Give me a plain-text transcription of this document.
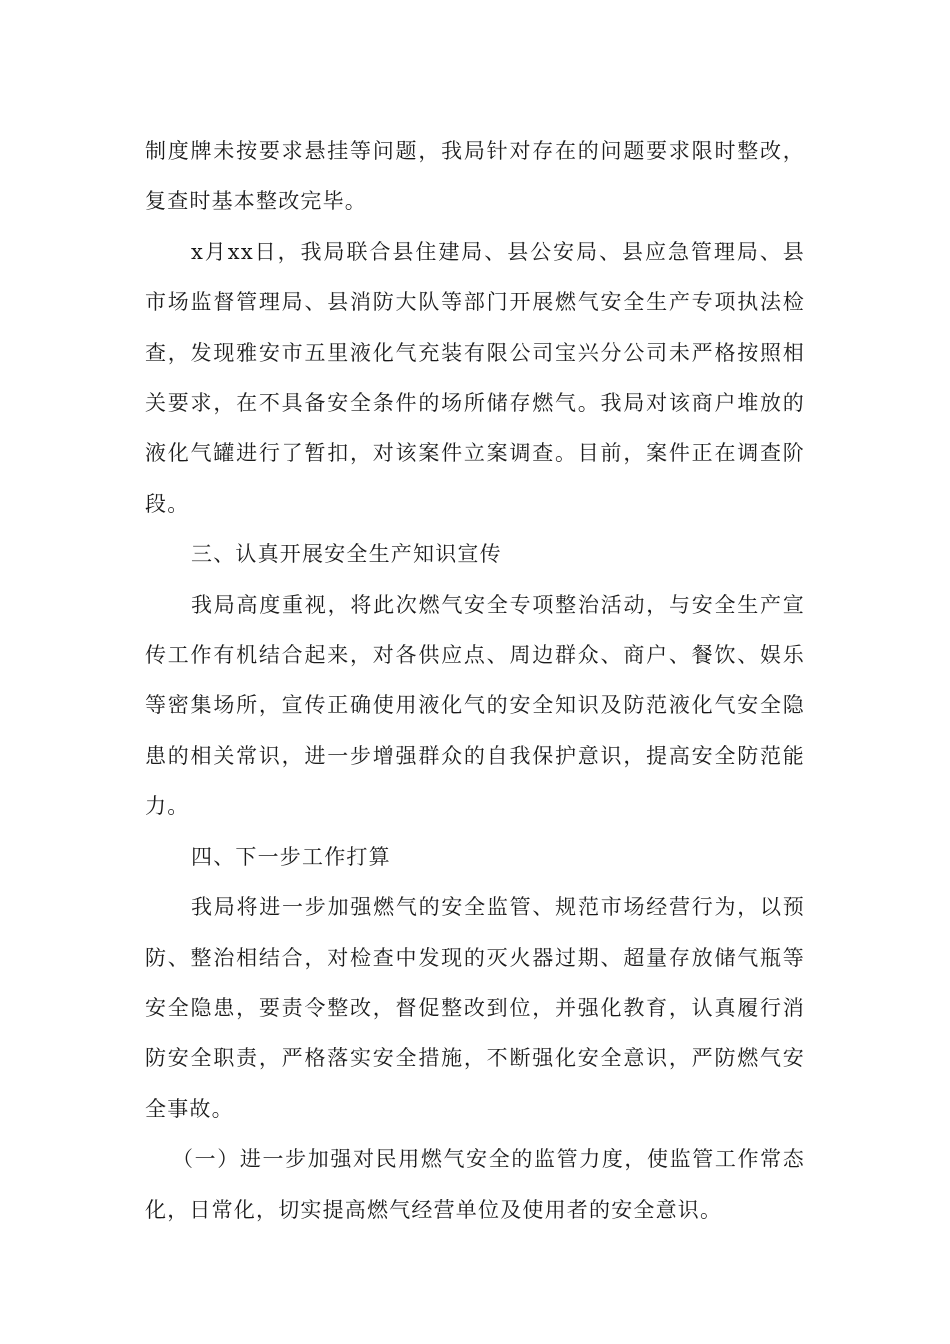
制度牌未按要求悬挂等问题，我局针对存在的问题要求限时整改，复查时基本整改完毕。

x月xx日，我局联合县住建局、县公安局、县应急管理局、县市场监督管理局、县消防大队等部门开展燃气安全生产专项执法检查，发现雅安市五里液化气充装有限公司宝兴分公司未严格按照相关要求，在不具备安全条件的场所储存燃气。我局对该商户堆放的液化气罐进行了暂扣，对该案件立案调查。目前，案件正在调查阶段。

三、认真开展安全生产知识宣传

我局高度重视，将此次燃气安全专项整治活动，与安全生产宣传工作有机结合起来，对各供应点、周边群众、商户、餐饮、娱乐等密集场所，宣传正确使用液化气的安全知识及防范液化气安全隐患的相关常识，进一步增强群众的自我保护意识，提高安全防范能力。

四、下一步工作打算

我局将进一步加强燃气的安全监管、规范市场经营行为，以预防、整治相结合，对检查中发现的灭火器过期、超量存放储气瓶等安全隐患，要责令整改，督促整改到位，并强化教育，认真履行消防安全职责，严格落实安全措施，不断强化安全意识，严防燃气安全事故。

（一）进一步加强对民用燃气安全的监管力度，使监管工作常态化，日常化，切实提高燃气经营单位及使用者的安全意识。
